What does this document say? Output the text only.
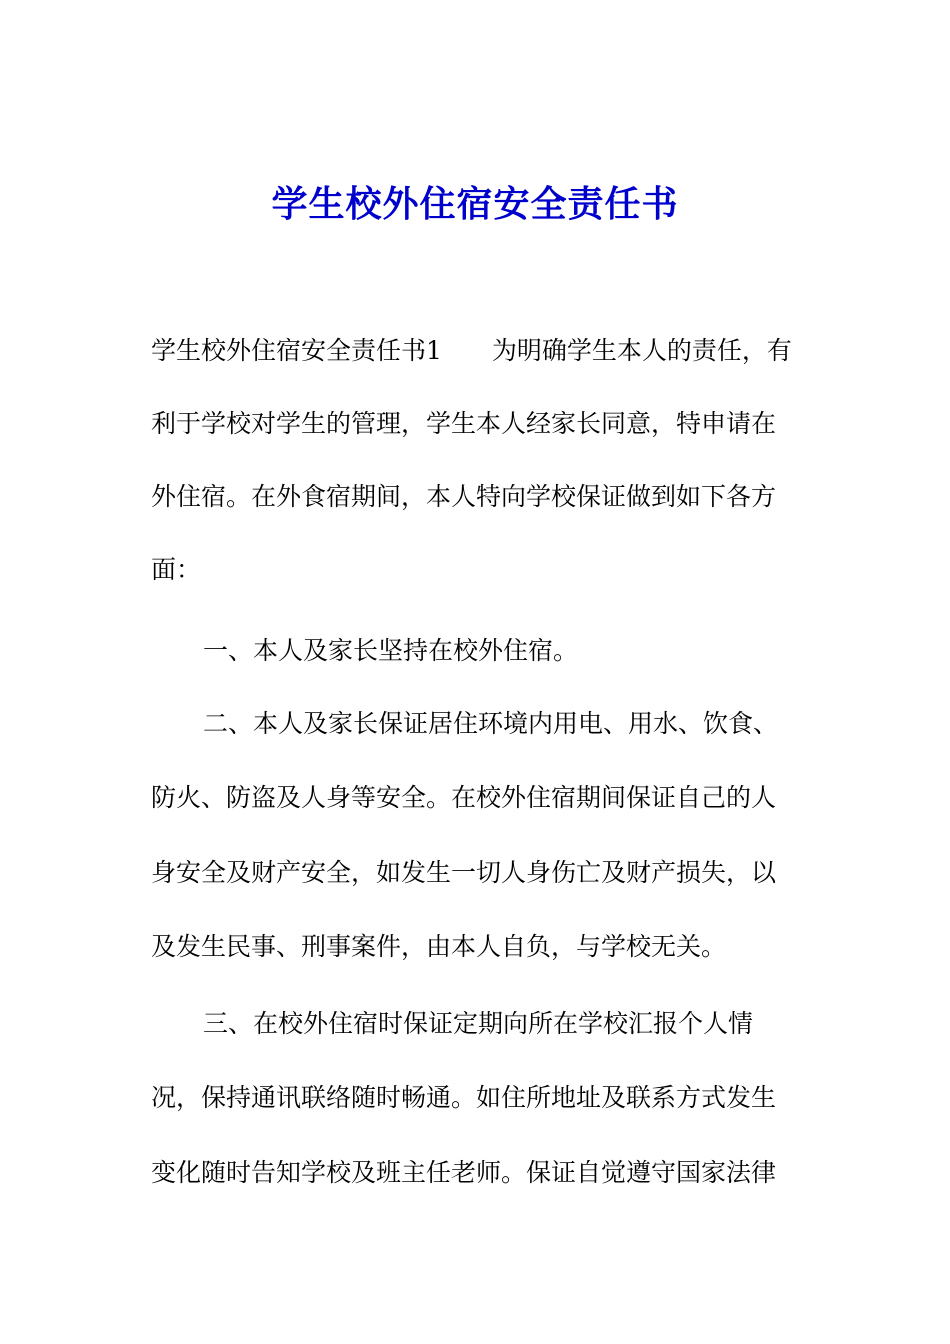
学生校外住宿安全责任书

学生校外住宿安全责任书1 为明确学生本人的责任，有

利于学校对学生的管理，学生本人经家长同意，特申请在

外住宿。在外食宿期间，本人特向学校保证做到如下各方

面：

一、本人及家长坚持在校外住宿。

二、本人及家长保证居住环境内用电、用水、饮食、

防火、防盗及人身等安全。在校外住宿期间保证自己的人

身安全及财产安全，如发生一切人身伤亡及财产损失，以

及发生民事、刑事案件，由本人自负，与学校无关。

三、在校外住宿时保证定期向所在学校汇报个人情

况，保持通讯联络随时畅通。如住所地址及联系方式发生

变化随时告知学校及班主任老师。保证自觉遵守国家法律
